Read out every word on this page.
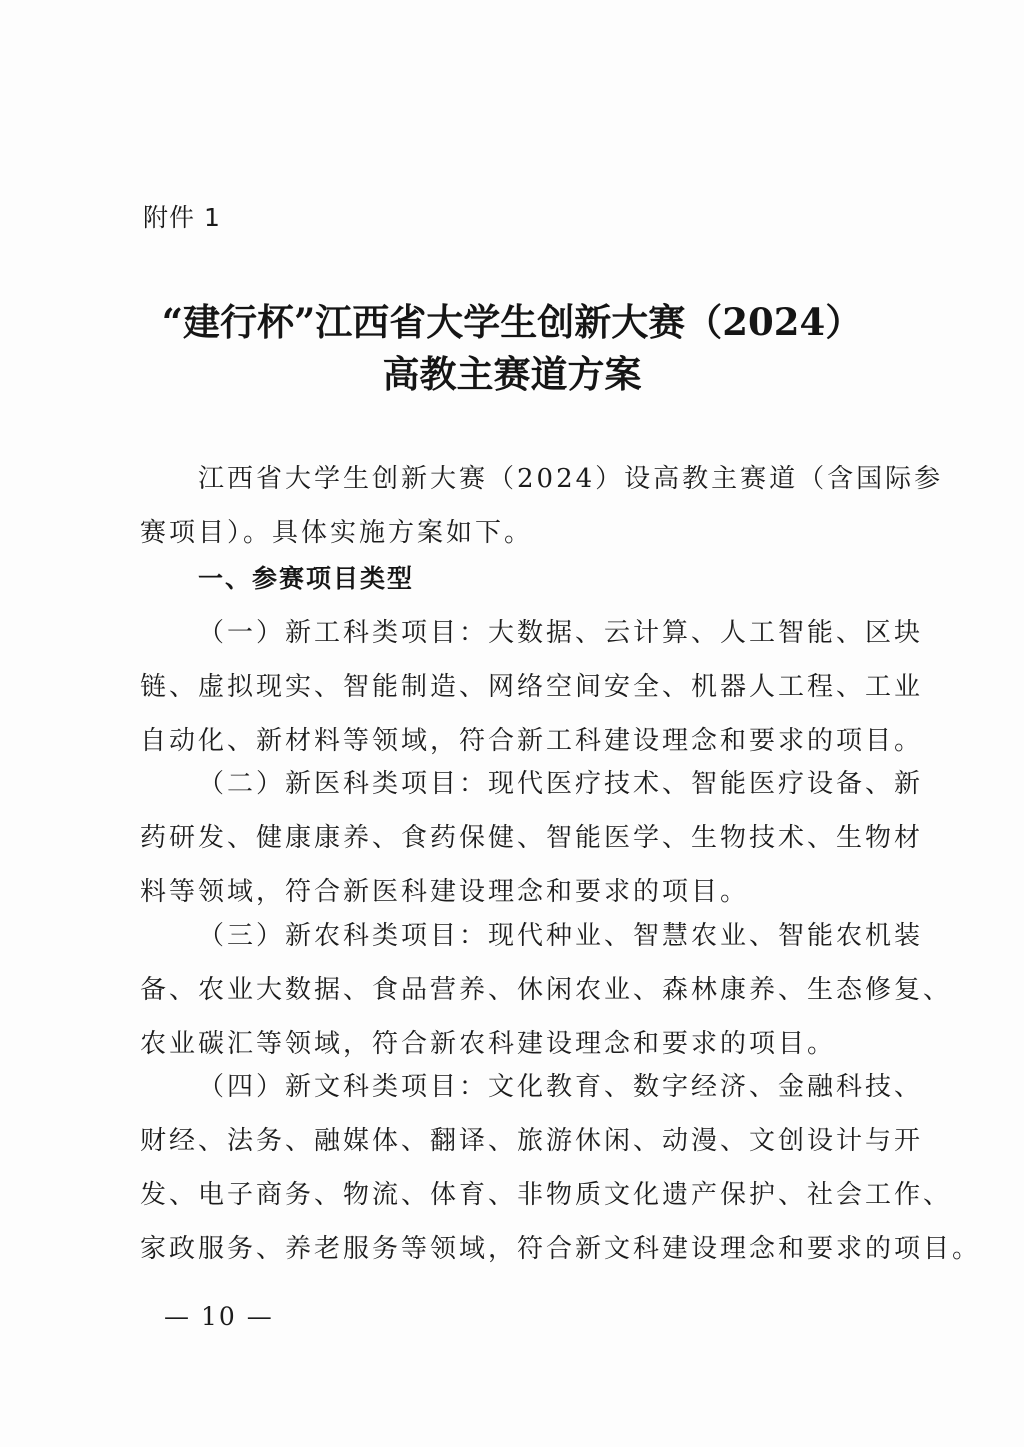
附件 1
“建行杯”江西省大学生创新大赛（2024）
高教主赛道方案
江西省大学生创新大赛（2024）设高教主赛道（含国际参
赛项目）。具体实施方案如下。
一、参赛项目类型
（一）新工科类项目：大数据、云计算、人工智能、区块
链、虚拟现实、智能制造、网络空间安全、机器人工程、工业
自动化、新材料等领域，符合新工科建设理念和要求的项目。
（二）新医科类项目：现代医疗技术、智能医疗设备、新
药研发、健康康养、食药保健、智能医学、生物技术、生物材
料等领域，符合新医科建设理念和要求的项目。
（三）新农科类项目：现代种业、智慧农业、智能农机装
备、农业大数据、食品营养、休闲农业、森林康养、生态修复、
农业碳汇等领域，符合新农科建设理念和要求的项目。
（四）新文科类项目：文化教育、数字经济、金融科技、
财经、法务、融媒体、翻译、旅游休闲、动漫、文创设计与开
发、电子商务、物流、体育、非物质文化遗产保护、社会工作、
家政服务、养老服务等领域，符合新文科建设理念和要求的项目。
— 10 —
